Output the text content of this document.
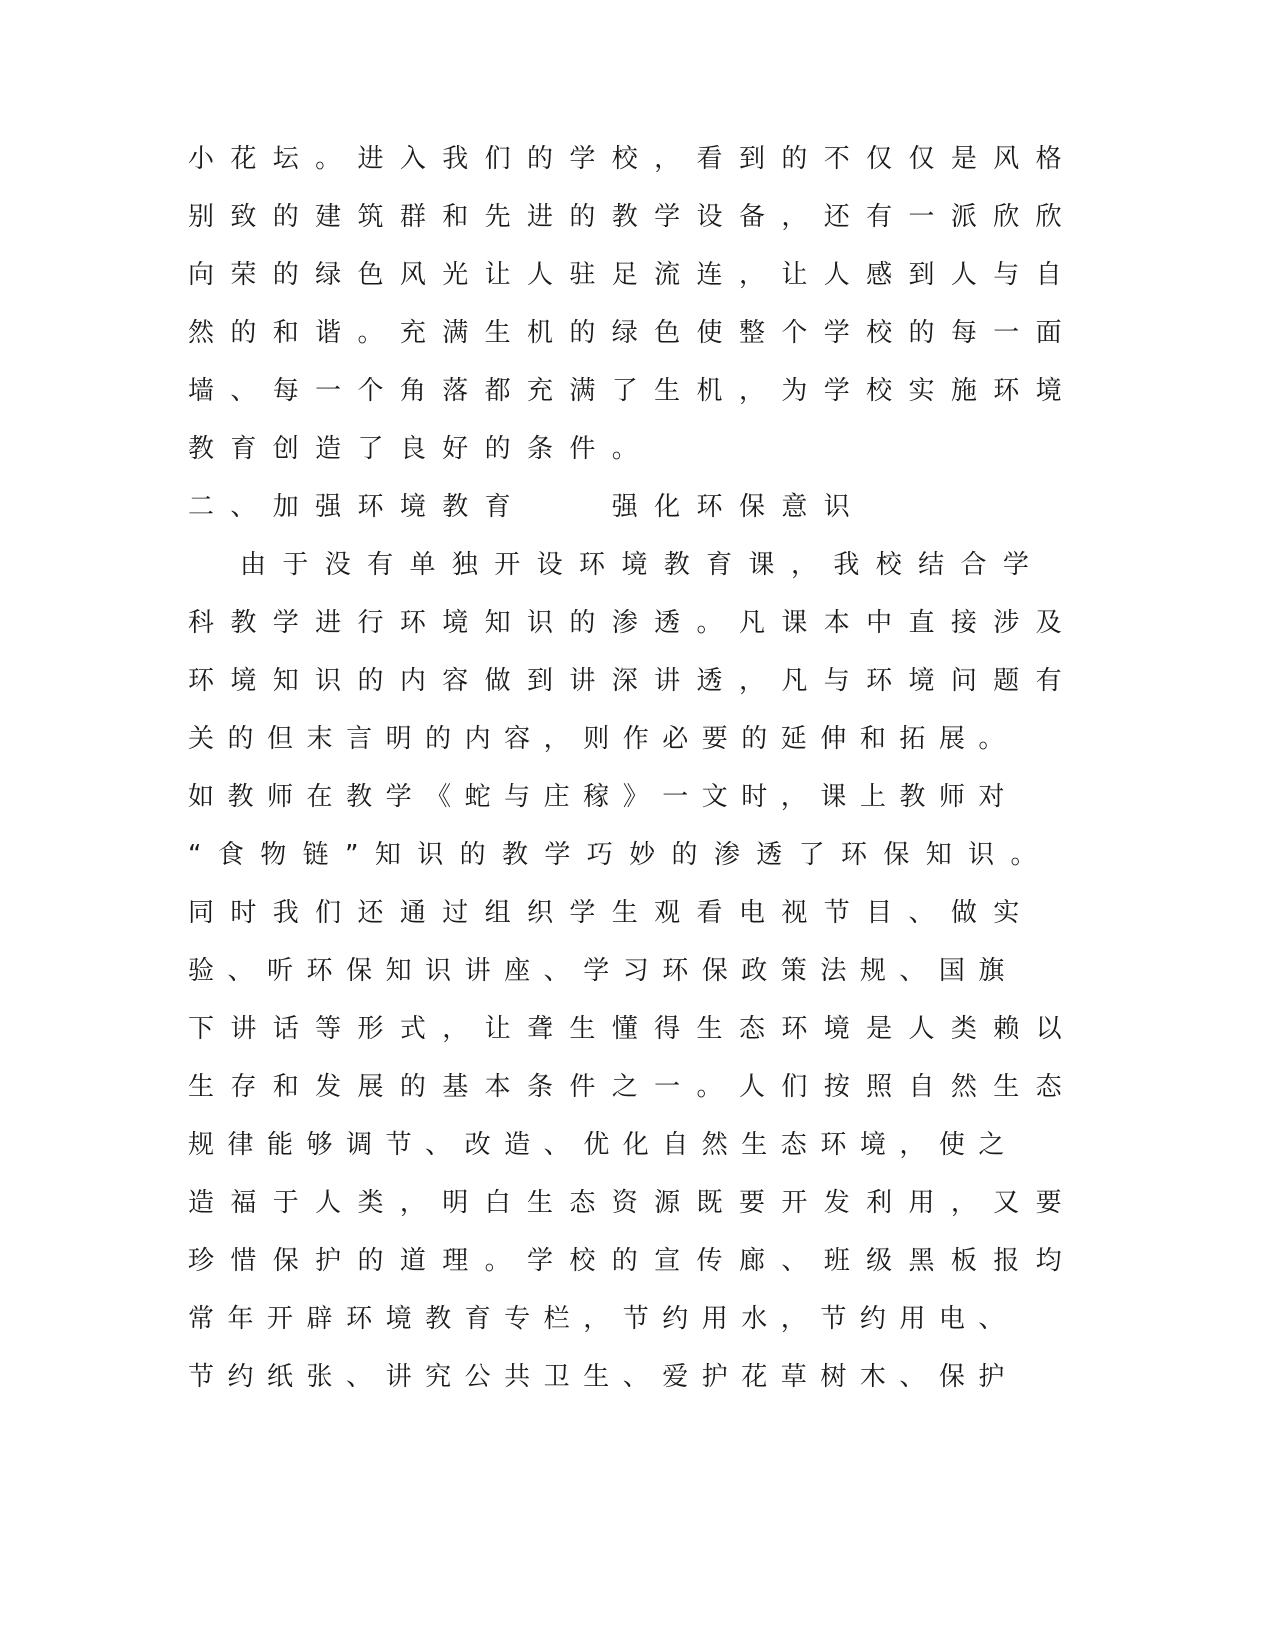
小花坛。进入我们的学校，看到的不仅仅是风格
别致的建筑群和先进的教学设备，还有一派欣欣
向荣的绿色风光让人驻足流连，让人感到人与自
然的和谐。充满生机的绿色使整个学校的每一面
墙、每一个角落都充满了生机，为学校实施环境
教育创造了良好的条件。
二、加强环境教育　　强化环保意识
由于没有单独开设环境教育课，我校结合学
科教学进行环境知识的渗透。凡课本中直接涉及
环境知识的内容做到讲深讲透，凡与环境问题有
关的但末言明的内容，则作必要的延伸和拓展。
如教师在教学《蛇与庄稼》一文时，课上教师对
“食物链”知识的教学巧妙的渗透了环保知识。
同时我们还通过组织学生观看电视节目、做实
验、听环保知识讲座、学习环保政策法规、国旗
下讲话等形式，让聋生懂得生态环境是人类赖以
生存和发展的基本条件之一。人们按照自然生态
规律能够调节、改造、优化自然生态环境，使之
造福于人类，明白生态资源既要开发利用，又要
珍惜保护的道理。学校的宣传廊、班级黑板报均
常年开辟环境教育专栏，节约用水，节约用电、
节约纸张、讲究公共卫生、爱护花草树木、保护
